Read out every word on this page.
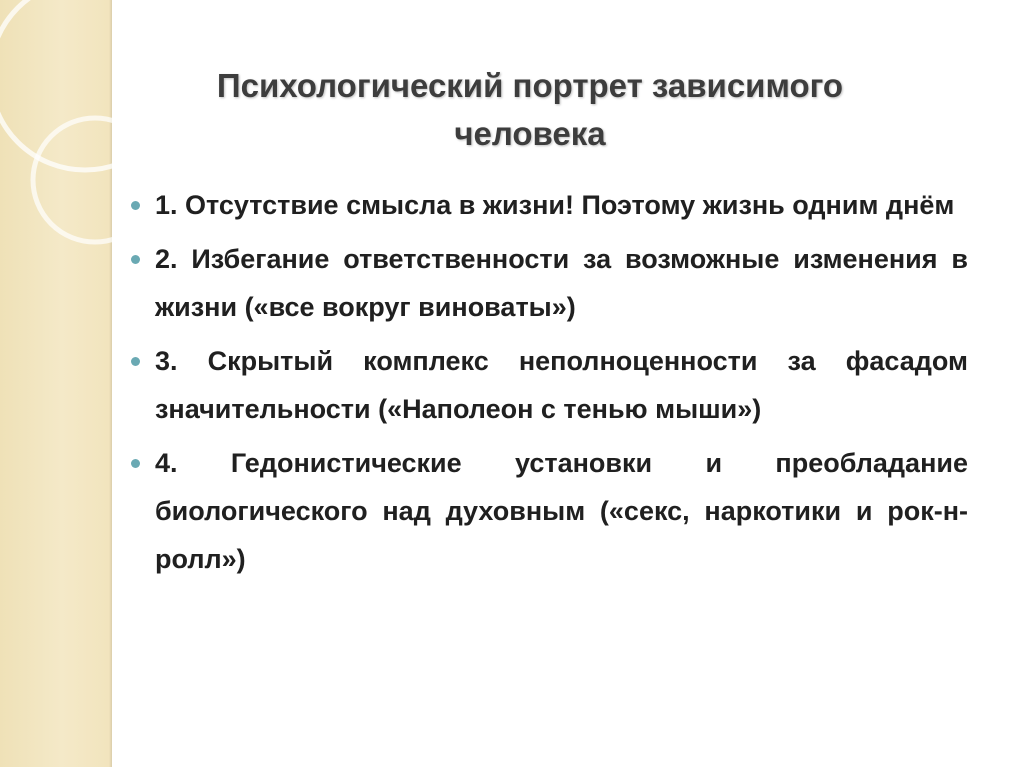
Психологический портрет зависимого
человека
1. Отсутствие смысла в жизни! Поэтому жизнь одним днём
2. Избегание ответственности за возможные изменения в жизни («все вокруг виноваты»)
3. Скрытый комплекс неполноценности за фасадом значительности («Наполеон с тенью мыши»)
4. Гедонистические установки и преобладание биологического над духовным («секс, наркотики и рок-н-ролл»)
